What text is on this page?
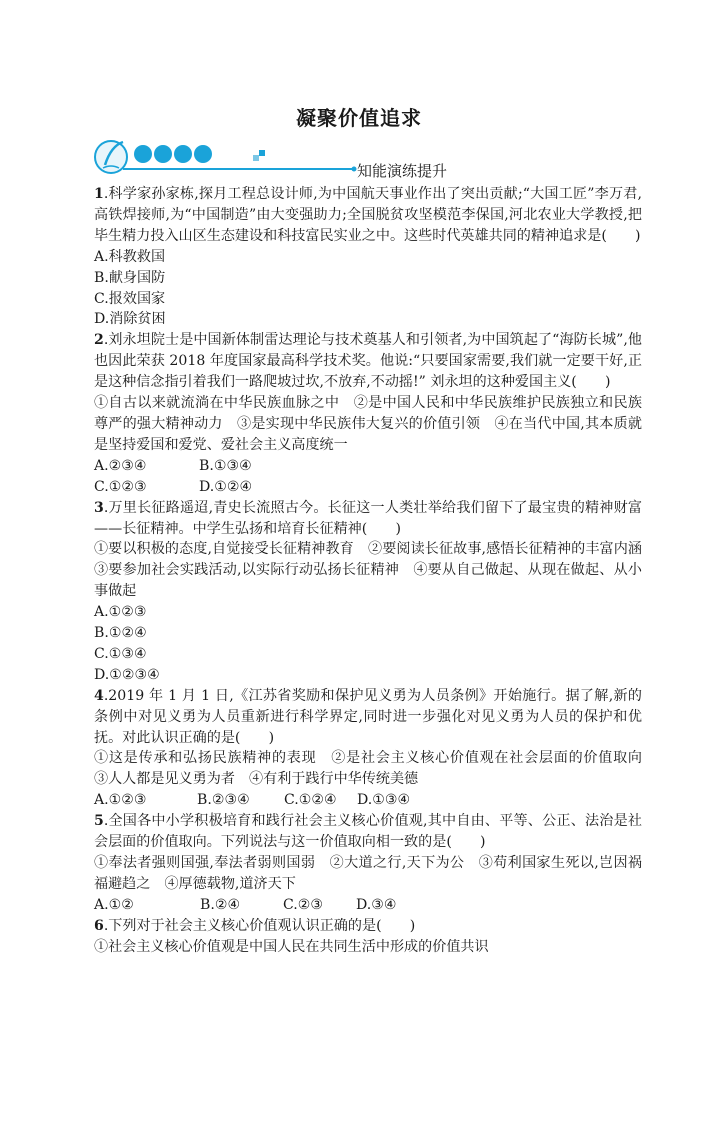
凝聚价值追求
知能演练提升

1.科学家孙家栋,探月工程总设计师,为中国航天事业作出了突出贡献;“大国工匠”李万君,高铁焊接师,为“中国制造”由大变强助力;全国脱贫攻坚模范李保国,河北农业大学教授,把毕生精力投入山区生态建设和科技富民实业之中。这些时代英雄共同的精神追求是(　　)

A.科教救国

B.献身国防

C.报效国家

D.消除贫困

2.刘永坦院士是中国新体制雷达理论与技术奠基人和引领者,为中国筑起了“海防长城”,他也因此荣获 2018 年度国家最高科学技术奖。他说:“只要国家需要,我们就一定要干好,正是这种信念指引着我们一路爬坡过坎,不放弃,不动摇!” 刘永坦的这种爱国主义(　　)

①自古以来就流淌在中华民族血脉之中　②是中国人民和中华民族维护民族独立和民族尊严的强大精神动力　③是实现中华民族伟大复兴的价值引领　④在当代中国,其本质就是坚持爱国和爱党、爱社会主义高度统一

A.②③④	B.①③④
C.①②③	D.①②④

3.万里长征路遥迢,青史长流照古今。长征这一人类壮举给我们留下了最宝贵的精神财富——长征精神。中学生弘扬和培育长征精神(　　)

①要以积极的态度,自觉接受长征精神教育　②要阅读长征故事,感悟长征精神的丰富内涵　③要参加社会实践活动,以实际行动弘扬长征精神　④要从自己做起、从现在做起、从小事做起

A.①②③

B.①②④

C.①③④

D.①②③④

4.2019 年 1 月 1 日,《江苏省奖励和保护见义勇为人员条例》开始施行。据了解,新的条例中对见义勇为人员重新进行科学界定,同时进一步强化对见义勇为人员的保护和优抚。对此认识正确的是(　　)

①这是传承和弘扬民族精神的表现　②是社会主义核心价值观在社会层面的价值取向　③人人都是见义勇为者　④有利于践行中华传统美德

A.①②③	B.②③④	C.①②④	D.①③④

5.全国各中小学积极培育和践行社会主义核心价值观,其中自由、平等、公正、法治是社会层面的价值取向。下列说法与这一价值取向相一致的是(　　)

①奉法者强则国强,奉法者弱则国弱　②大道之行,天下为公　③苟利国家生死以,岂因祸福避趋之　④厚德载物,道济天下

A.①②	B.②④	C.②③	D.③④

6.下列对于社会主义核心价值观认识正确的是(　　)

①社会主义核心价值观是中国人民在共同生活中形成的价值共识
